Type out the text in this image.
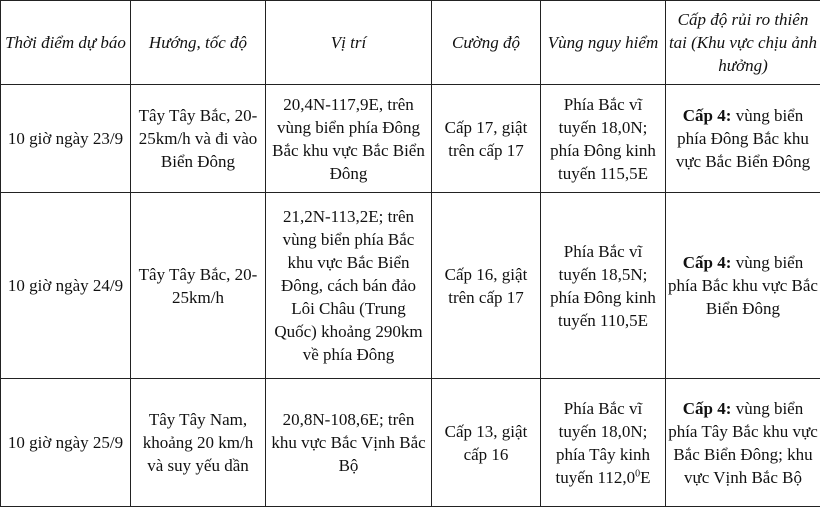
Thời điểm dự báo	Hướng, tốc độ	Vị trí	Cường độ	Vùng nguy hiểm	Cấp độ rủi ro thiên tai (Khu vực chịu ảnh hưởng)
10 giờ ngày 23/9	Tây Tây Bắc, 20-25km/h và đi vào Biển Đông	20,4N-117,9E, trên vùng biển phía Đông Bắc khu vực Bắc Biển Đông	Cấp 17, giật trên cấp 17	Phía Bắc vĩ tuyến 18,0N; phía Đông kinh tuyến 115,5E	Cấp 4: vùng biển phía Đông Bắc khu vực Bắc Biển Đông
10 giờ ngày 24/9	Tây Tây Bắc, 20-25km/h	21,2N-113,2E; trên vùng biển phía Bắc khu vực Bắc Biển Đông, cách bán đảo Lôi Châu (Trung Quốc) khoảng 290km về phía Đông	Cấp 16, giật trên cấp 17	Phía Bắc vĩ tuyến 18,5N; phía Đông kinh tuyến 110,5E	Cấp 4: vùng biển phía Bắc khu vực Bắc Biển Đông
10 giờ ngày 25/9	Tây Tây Nam, khoảng 20 km/h và suy yếu dần	20,8N-108,6E; trên khu vực Bắc Vịnh Bắc Bộ	Cấp 13, giật cấp 16	Phía Bắc vĩ tuyến 18,0N; phía Tây kinh tuyến 112,0$^0$E	Cấp 4: vùng biển phía Tây Bắc khu vực Bắc Biển Đông; khu vực Vịnh Bắc Bộ
